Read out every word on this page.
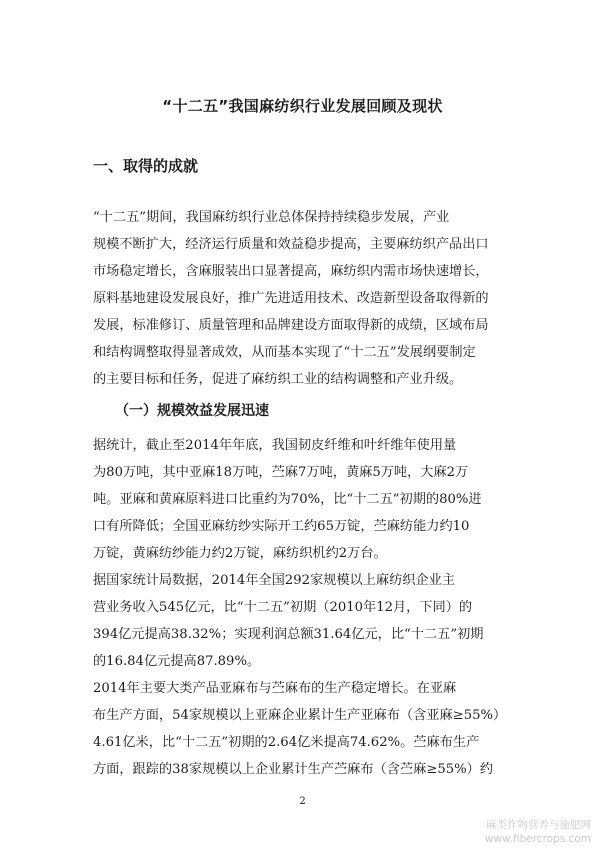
“十二五”我国麻纺织行业发展回顾及现状
一、取得的成就
“十二五”期间，我国麻纺织行业总体保持持续稳步发展，产业
规模不断扩大，经济运行质量和效益稳步提高，主要麻纺织产品出口
市场稳定增长，含麻服装出口显著提高，麻纺织内需市场快速增长，
原料基地建设发展良好，推广先进适用技术、改造新型设备取得新的
发展，标准修订、质量管理和品牌建设方面取得新的成绩，区域布局
和结构调整取得显著成效，从而基本实现了“十二五”发展纲要制定
的主要目标和任务，促进了麻纺织工业的结构调整和产业升级。
（一）规模效益发展迅速
据统计，截止至2014年年底，我国韧皮纤维和叶纤维年使用量
为80万吨，其中亚麻18万吨，苎麻7万吨，黄麻5万吨，大麻2万
吨。亚麻和黄麻原料进口比重约为70%，比“十二五”初期的80%进
口有所降低；全国亚麻纺纱实际开工约65万锭，苎麻纺能力约10
万锭，黄麻纺纱能力约2万锭，麻纺织机约2万台。
据国家统计局数据，2014年全国292家规模以上麻纺织企业主
营业务收入545亿元，比“十二五”初期（2010年12月，下同）的
394亿元提高38.32%；实现利润总额31.64亿元，比“十二五”初期
的16.84亿元提高87.89%。
2014年主要大类产品亚麻布与苎麻布的生产稳定增长。在亚麻
布生产方面，54家规模以上亚麻企业累计生产亚麻布（含亚麻≥55%）
4.61亿米，比“十二五”初期的2.64亿米提高74.62%。苎麻布生产
方面，跟踪的38家规模以上企业累计生产苎麻布（含苎麻≥55%）约
2
麻类作物营养与施肥网
www.fibercrops.com
